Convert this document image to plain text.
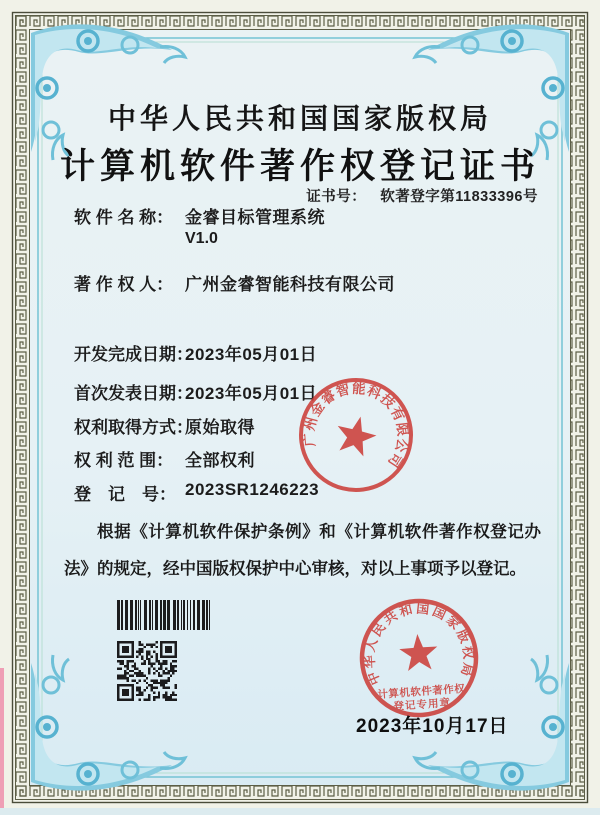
中华人民共和国国家版权局
计算机软件著作权登记证书
证书号： 软著登字第11833396号
软 件 名 称： 金睿目标管理系统
V1.0
著 作 权 人： 广州金睿智能科技有限公司
开发完成日期：
2023年05月01日
首次发表日期：
2023年05月01日
权利取得方式：
原始取得
权 利 范 围： 全部权利
登　记　号： 2023SR1246223
根据《计算机软件保护条例》和《计算机软件著作权登记办法》的规定，经中国版权保护中心审核，对以上事项予以登记。
广州金睿智能科技有限公司
中华人民共和国国家版权局
计算机软件著作权
登记专用章
2023年10月17日
